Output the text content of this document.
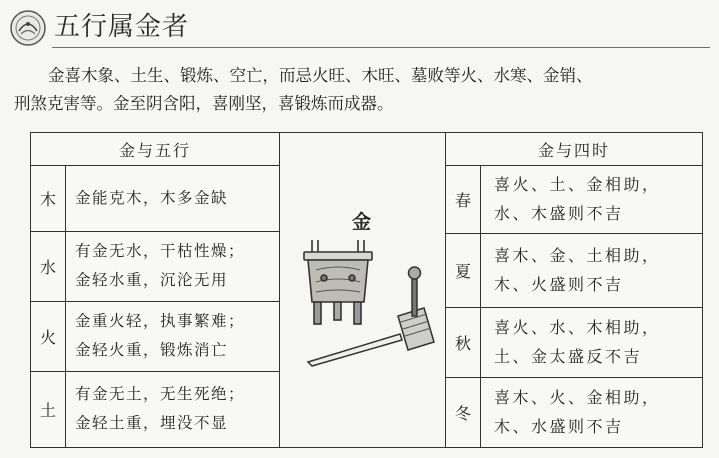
五行属金者
金喜木象、土生、锻炼、空亡，而忌火旺、木旺、墓败等火、水寒、金销、
刑煞克害等。金至阴含阳，喜刚坚，喜锻炼而成器。
金与五行
木	金能克木，木多金缺
水
有金无水，干枯性燥；
金轻水重，沉沦无用
火
金重火轻，执事繁难；
金轻火重，锻炼消亡
土
有金无土，无生死绝；
金轻土重，埋没不显
金
金与四时
春
喜火、土、金相助，
水、木盛则不吉
夏
喜木、金、土相助，
木、火盛则不吉
秋
喜火、水、木相助，
土、金太盛反不吉
冬
喜木、火、金相助，
木、水盛则不吉
